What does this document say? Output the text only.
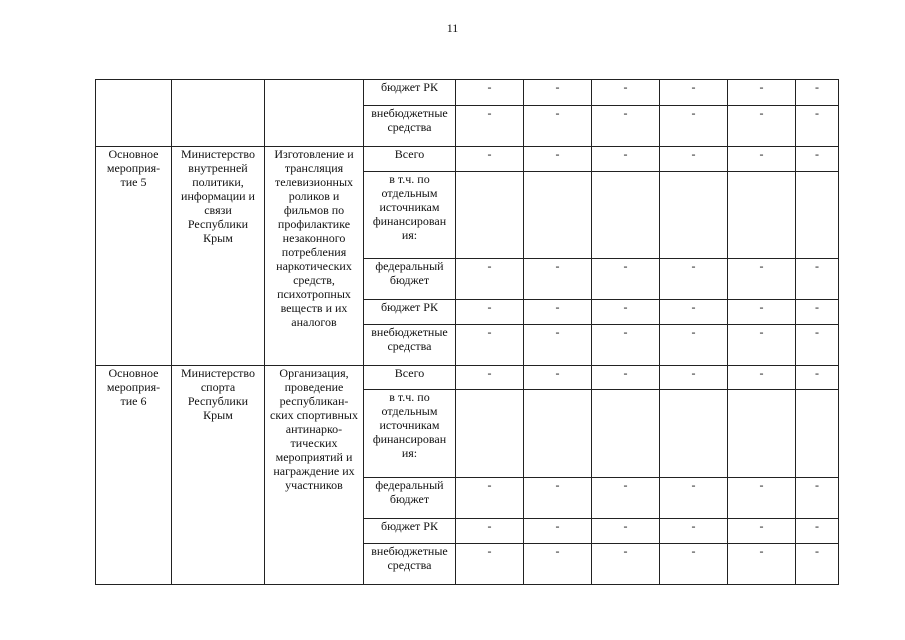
11
			бюджет РК	-	-	-	-	-	-
			внебюджетные средства	-	-	-	-	-	-
Основное мероприя- тие 5	Министерство внутренней политики, информации и связи Республики Крым	Изготовление и трансляция телевизионных роликов и фильмов по профилактике незаконного потребления наркотических средств, психотропных веществ и их аналогов	Всего	-	-	-	-	-	-
			в т.ч. по отдельным источникам финансирован ия:						
			федеральный бюджет	-	-	-	-	-	-
			бюджет РК	-	-	-	-	-	-
			внебюджетные средства	-	-	-	-	-	-
Основное мероприя- тие 6	Министерство спорта Республики Крым	Организация, проведение республикан- ских спортивных антинарко- тических мероприятий и награждение их участников	Всего	-	-	-	-	-	-
			в т.ч. по отдельным источникам финансирован ия:						
			федеральный бюджет	-	-	-	-	-	-
			бюджет РК	-	-	-	-	-	-
			внебюджетные средства	-	-	-	-	-	-
